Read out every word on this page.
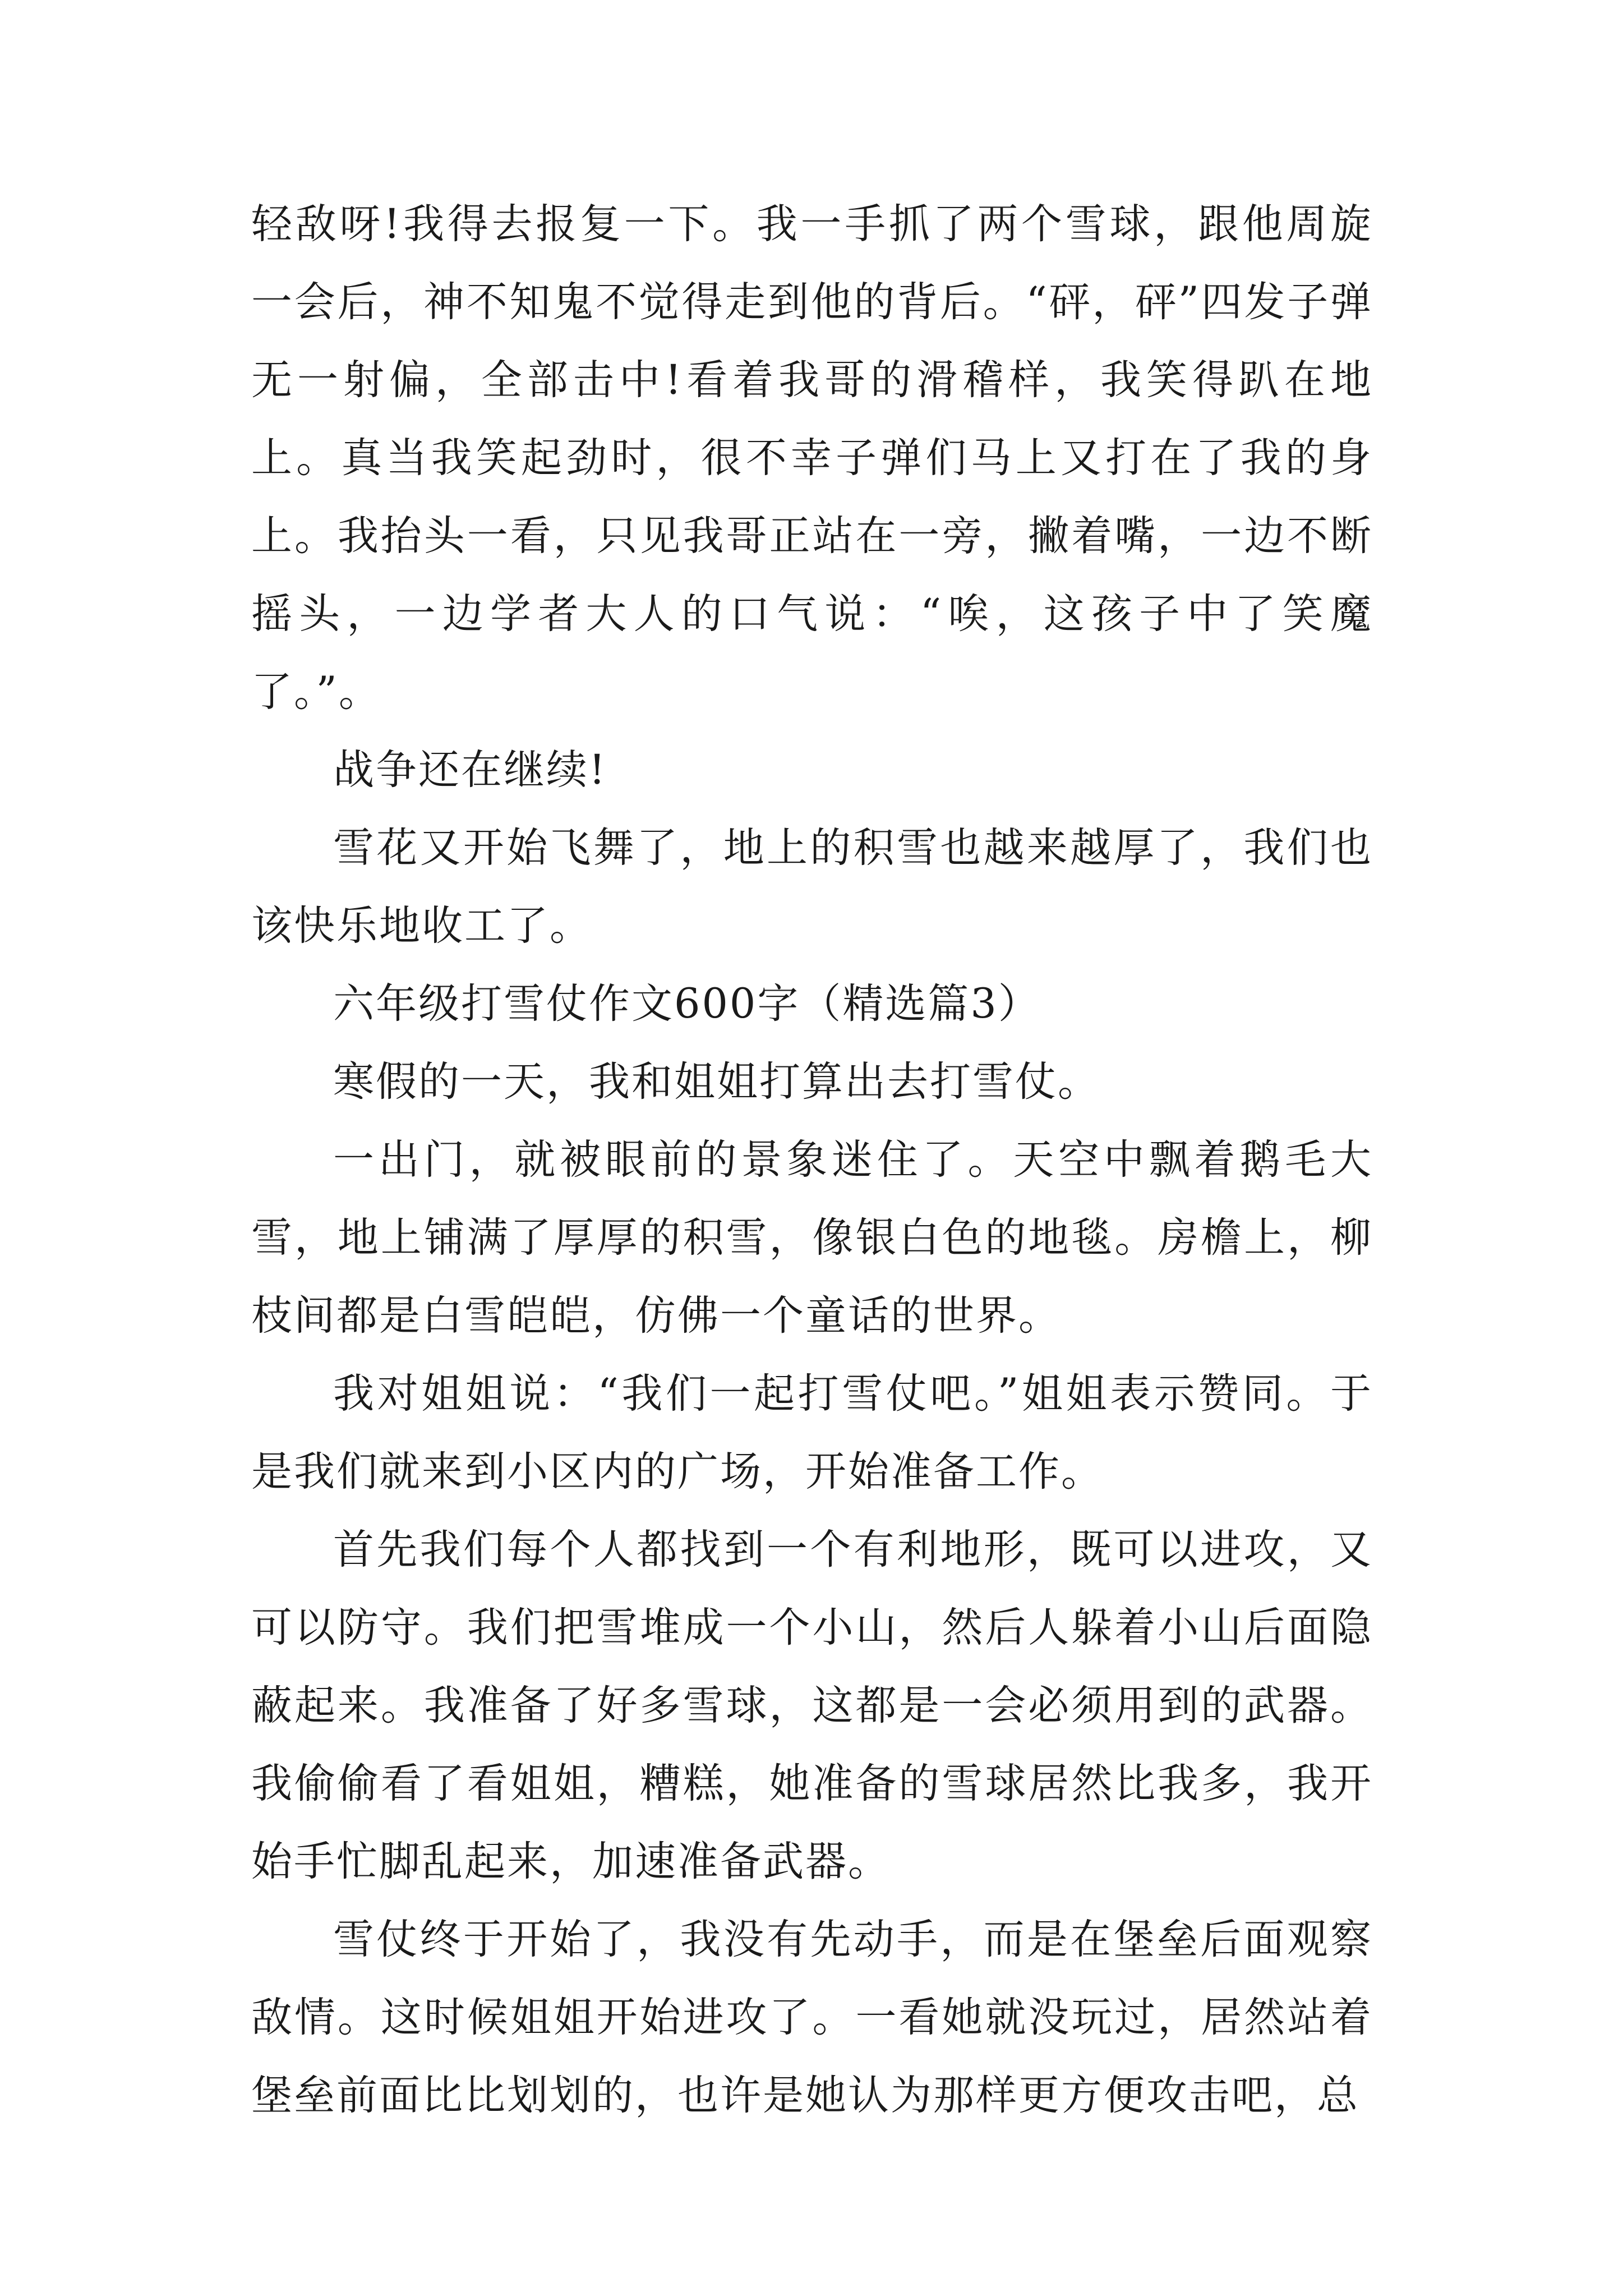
轻敌呀!我得去报复一下。我一手抓了两个雪球，跟他周旋一会后，神不知鬼不觉得走到他的背后。“砰，砰”四发子弹无一射偏，全部击中!看着我哥的滑稽样，我笑得趴在地上。真当我笑起劲时，很不幸子弹们马上又打在了我的身上。我抬头一看，只见我哥正站在一旁，撇着嘴，一边不断摇头，一边学者大人的口气说：“唉，这孩子中了笑魔了。”。

战争还在继续!

雪花又开始飞舞了，地上的积雪也越来越厚了，我们也该快乐地收工了。

六年级打雪仗作文600字（精选篇3）

寒假的一天，我和姐姐打算出去打雪仗。

一出门，就被眼前的景象迷住了。天空中飘着鹅毛大雪，地上铺满了厚厚的积雪，像银白色的地毯。房檐上，柳枝间都是白雪皑皑，仿佛一个童话的世界。

我对姐姐说：“我们一起打雪仗吧。”姐姐表示赞同。于是我们就来到小区内的广场，开始准备工作。

首先我们每个人都找到一个有利地形，既可以进攻，又可以防守。我们把雪堆成一个小山，然后人躲着小山后面隐蔽起来。我准备了好多雪球，这都是一会必须用到的武器。我偷偷看了看姐姐，糟糕，她准备的雪球居然比我多，我开始手忙脚乱起来，加速准备武器。

雪仗终于开始了，我没有先动手，而是在堡垒后面观察敌情。这时候姐姐开始进攻了。一看她就没玩过，居然站着堡垒前面比比划划的，也许是她认为那样更方便攻击吧，总
